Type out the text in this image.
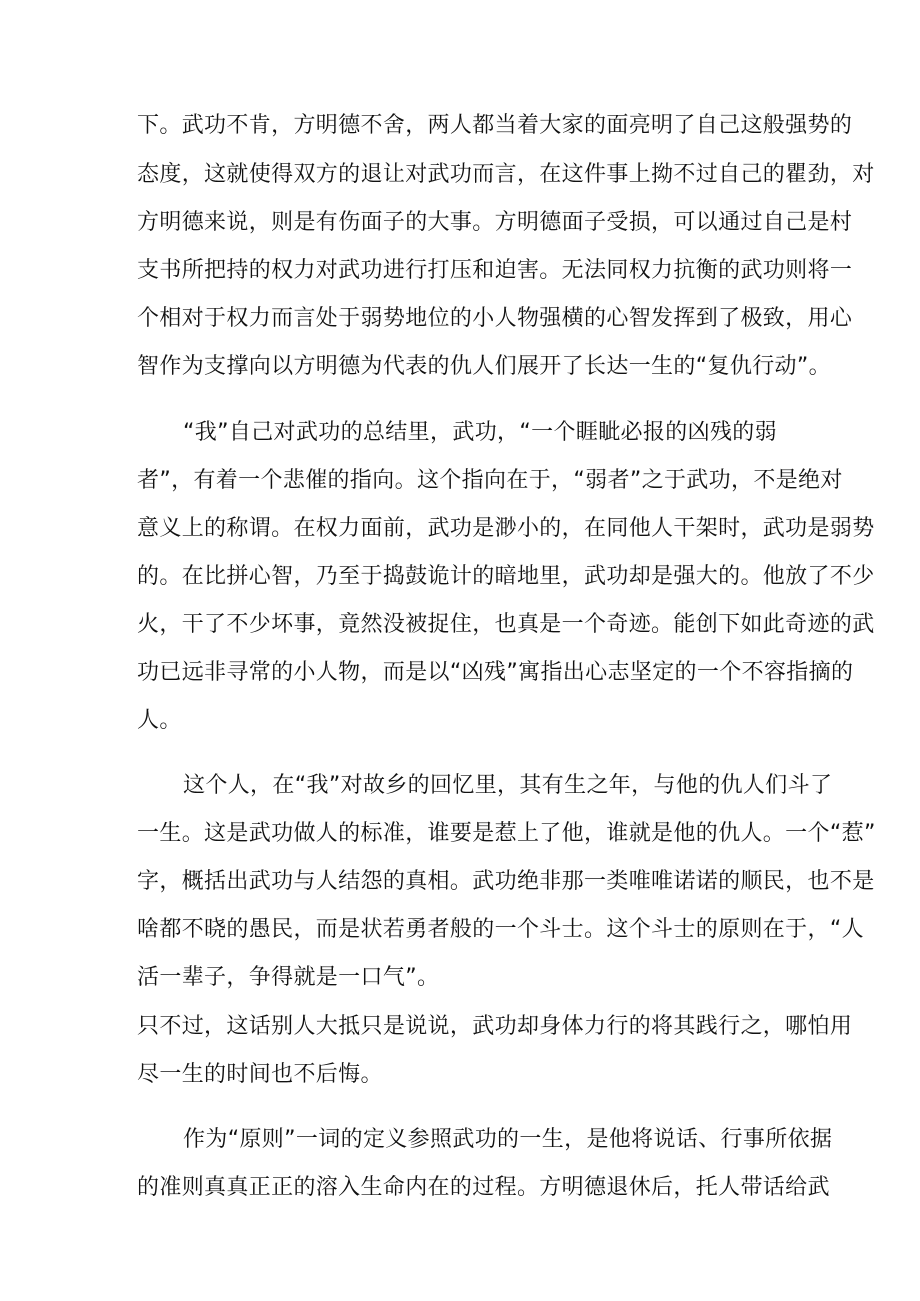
下。武功不肯，方明德不舍，两人都当着大家的面亮明了自己这般强势的
态度，这就使得双方的退让对武功而言，在这件事上拗不过自己的瞿劲，对
方明德来说，则是有伤面子的大事。方明德面子受损，可以通过自己是村
支书所把持的权力对武功进行打压和迫害。无法同权力抗衡的武功则将一
个相对于权力而言处于弱势地位的小人物强横的心智发挥到了极致，用心
智作为支撑向以方明德为代表的仇人们展开了长达一生的“复仇行动”。
“我”自己对武功的总结里，武功，“一个睚眦必报的凶残的弱
者”，有着一个悲催的指向。这个指向在于，“弱者”之于武功，不是绝对
意义上的称谓。在权力面前，武功是渺小的，在同他人干架时，武功是弱势
的。在比拼心智，乃至于捣鼓诡计的暗地里，武功却是强大的。他放了不少
火，干了不少坏事，竟然没被捉住，也真是一个奇迹。能创下如此奇迹的武
功已远非寻常的小人物，而是以“凶残”寓指出心志坚定的一个不容指摘的
人。
这个人，在“我”对故乡的回忆里，其有生之年，与他的仇人们斗了
一生。这是武功做人的标准，谁要是惹上了他，谁就是他的仇人。一个“惹”
字，概括出武功与人结怨的真相。武功绝非那一类唯唯诺诺的顺民，也不是
啥都不晓的愚民，而是状若勇者般的一个斗士。这个斗士的原则在于，“人
活一辈子，争得就是一口气”。
只不过，这话别人大抵只是说说，武功却身体力行的将其践行之，哪怕用
尽一生的时间也不后悔。
作为“原则”一词的定义参照武功的一生，是他将说话、行事所依据
的准则真真正正的溶入生命内在的过程。方明德退休后，托人带话给武
